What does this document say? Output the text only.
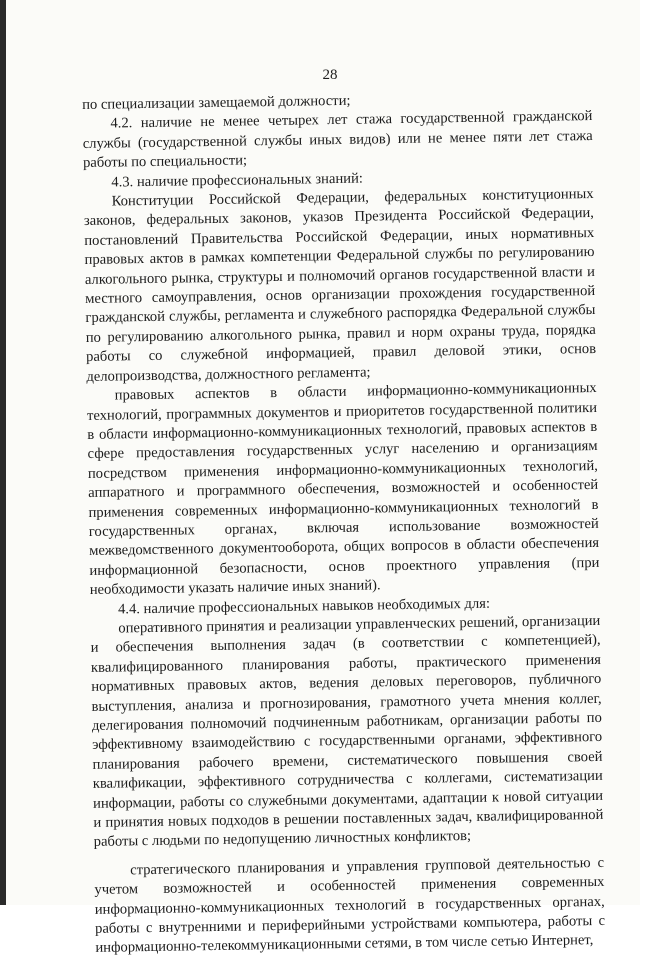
28

по специализации замещаемой должности;

4.2. наличие не менее четырех лет стажа государственной гражданской службы (государственной службы иных видов) или не менее пяти лет стажа работы по специальности;

4.3. наличие профессиональных знаний:

Конституции Российской Федерации, федеральных конституционных законов, федеральных законов, указов Президента Российской Федерации, постановлений Правительства Российской Федерации, иных нормативных правовых актов в рамках компетенции Федеральной службы по регулированию алкогольного рынка, структуры и полномочий органов государственной власти и местного самоуправления, основ организации прохождения государственной гражданской службы, регламента и служебного распорядка Федеральной службы по регулированию алкогольного рынка, правил и норм охраны труда, порядка работы со служебной информацией, правил деловой этики, основ делопроизводства, должностного регламента;

правовых аспектов в области информационно-коммуникационных технологий, программных документов и приоритетов государственной политики в области информационно-коммуникационных технологий, правовых аспектов в сфере предоставления государственных услуг населению и организациям посредством применения информационно-коммуникационных технологий, аппаратного и программного обеспечения, возможностей и особенностей применения современных информационно-коммуникационных технологий в государственных органах, включая использование возможностей межведомственного документооборота, общих вопросов в области обеспечения информационной безопасности, основ проектного управления (при необходимости указать наличие иных знаний).

4.4. наличие профессиональных навыков необходимых для:

оперативного принятия и реализации управленческих решений, организации и обеспечения выполнения задач (в соответствии с компетенцией), квалифицированного планирования работы, практического применения нормативных правовых актов, ведения деловых переговоров, публичного выступления, анализа и прогнозирования, грамотного учета мнения коллег, делегирования полномочий подчиненным работникам, организации работы по эффективному взаимодействию с государственными органами, эффективного планирования рабочего времени, систематического повышения своей квалификации, эффективного сотрудничества с коллегами, систематизации информации, работы со служебными документами, адаптации к новой ситуации и принятия новых подходов в решении поставленных задач, квалифицированной работы с людьми по недопущению личностных конфликтов;

стратегического планирования и управления групповой деятельностью с учетом возможностей и особенностей применения современных информационно-коммуникационных технологий в государственных органах, работы с внутренними и периферийными устройствами компьютера, работы с информационно-телекоммуникационными сетями, в том числе сетью Интернет,
